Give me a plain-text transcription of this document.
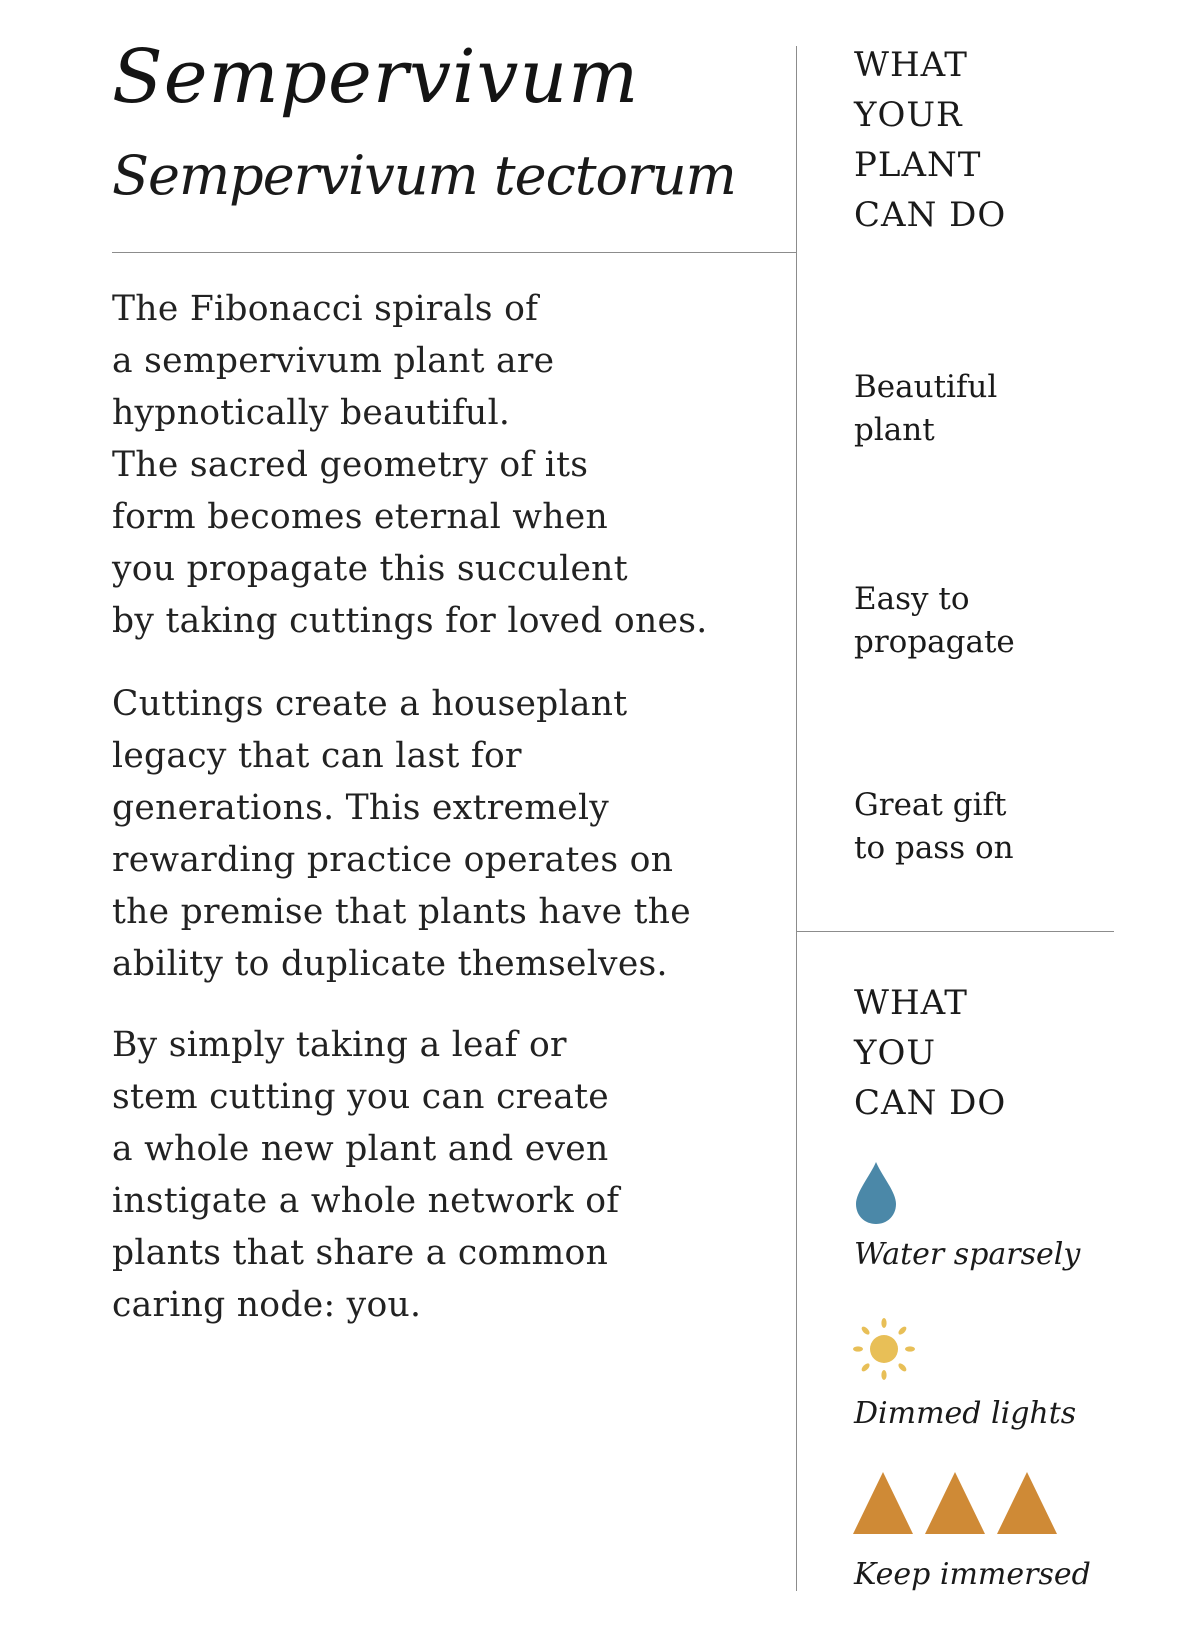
Sempervivum
Sempervivum tectorum
The Fibonacci spirals of
a sempervivum plant are
hypnotically beautiful.
The sacred geometry of its
form becomes eternal when
you propagate this succulent
by taking cuttings for loved ones.
Cuttings create a houseplant
legacy that can last for
generations. This extremely
rewarding practice operates on
the premise that plants have the
ability to duplicate themselves.
By simply taking a leaf or
stem cutting you can create
a whole new plant and even
instigate a whole network of
plants that share a common
caring node: you.
WHAT
YOUR
PLANT
CAN DO
Beautiful
plant
Easy to
propagate
Great gift
to pass on
WHAT
YOU
CAN DO
Water sparsely
Dimmed lights
Keep immersed
